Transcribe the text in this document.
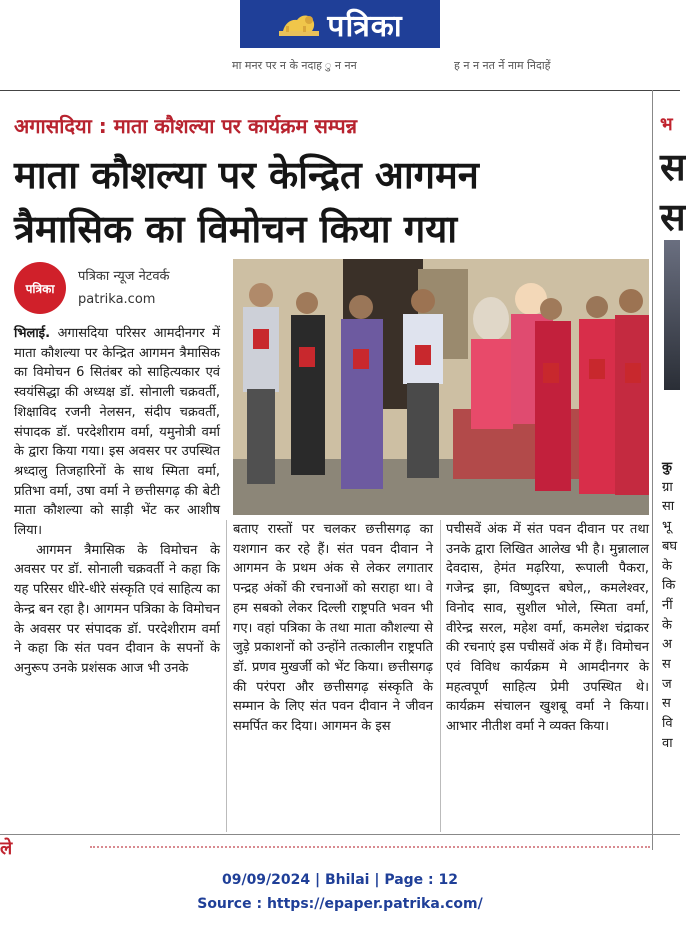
पत्रिका
मा मनर पर न के नदाह ु न नन	ह न न नत र्ने नाम निदाहें
अगासदिया : माता कौशल्या पर कार्यक्रम सम्पन्न
माता कौशल्या पर केन्द्रित आगमन
त्रैमासिक का विमोचन किया गया
पत्रिका
पत्रिका न्यूज नेटवर्क
patrika.com

भिलाई. अगासदिया परिसर आमदीनगर में माता कौशल्या पर केन्द्रित आगमन त्रैमासिक का विमोचन 6 सितंबर को साहित्यकार एवं स्वयंसिद्धा की अध्यक्ष डॉ. सोनाली चक्रवर्ती, शिक्षाविद रजनी नेलसन, संदीप चक्रवर्ती, संपादक डॉ. परदेशीराम वर्मा, यमुनोत्री वर्मा के द्वारा किया गया। इस अवसर पर उपस्थित श्रध्दालु तिजहारिनों के साथ स्मिता वर्मा, प्रतिभा वर्मा, उषा वर्मा ने छत्तीसगढ़ की बेटी माता कौशल्या को साड़ी भेंट कर आशीष लिया।

आगमन त्रैमासिक के विमोचन के अवसर पर डॉ. सोनाली चक्रवर्ती ने कहा कि यह परिसर धीरे-धीरे संस्कृति एवं साहित्य का केन्द्र बन रहा है। आगमन पत्रिका के विमोचन के अवसर पर संपादक डॉ. परदेशीराम वर्मा ने कहा कि संत पवन दीवान के सपनों के अनुरूप उनके प्रशंसक आज भी उनके

बताए रास्तों पर चलकर छत्तीसगढ़ का यशगान कर रहे हैं। संत पवन दीवान ने आगमन के प्रथम अंक से लेकर लगातार पन्द्रह अंकों की रचनाओं को सराहा था। वे हम सबको लेकर दिल्ली राष्ट्रपति भवन भी गए। वहां पत्रिका के तथा माता कौशल्या से जुड़े प्रकाशनों को उन्होंने तत्कालीन राष्ट्रपति डॉ. प्रणव मुखर्जी को भेंट किया। छत्तीसगढ़ की परंपरा और छत्तीसगढ़ संस्कृति के सम्मान के लिए संत पवन दीवान ने जीवन समर्पित कर दिया। आगमन के इस

पचीसवें अंक में संत पवन दीवान पर तथा उनके द्वारा लिखित आलेख भी है। मुन्नालाल देवदास, हेमंत मढ़रिया, रूपाली पैकरा, गजेन्द्र झा, विष्णुदत्त बघेल,, कमलेश्वर, विनोद साव, सुशील भोले, स्मिता वर्मा, वीरेन्द्र सरल, महेश वर्मा, कमलेश चंद्राकर की रचनाएं इस पचीसवें अंक में हैं। विमोचन एवं विविध कार्यक्रम मे आमदीनगर के महत्वपूर्ण साहित्य प्रेमी उपस्थित थे। कार्यक्रम संचालन खुशबू वर्मा ने किया। आभार नीतीश वर्मा ने व्यक्त किया।

भ
स
स
कु
ग्रा
सा
भू
बघ
के
कि
नीं
के
अ
स
ज
स
वि
वा
ले
09/09/2024 | Bhilai | Page : 12
Source : https://epaper.patrika.com/
